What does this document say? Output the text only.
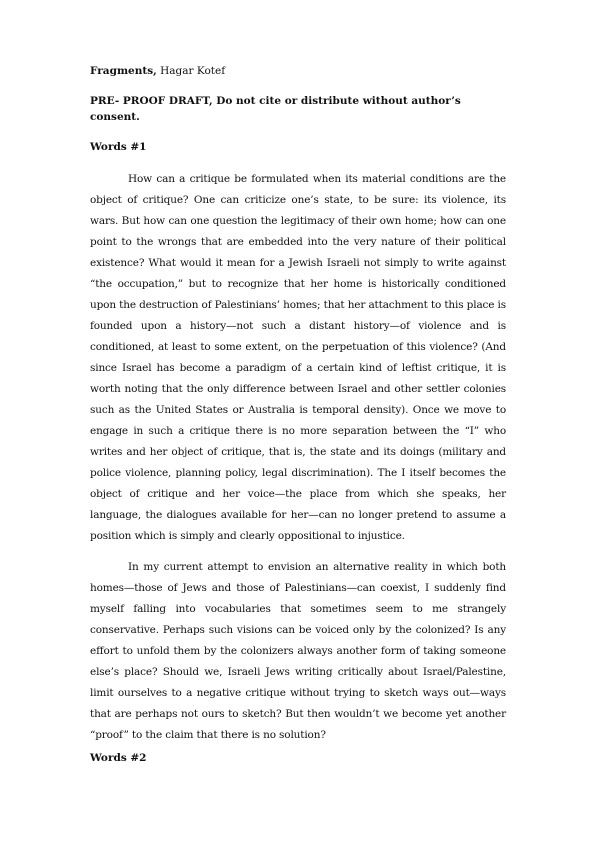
Fragments, Hagar Kotef

PRE- PROOF DRAFT, Do not cite or distribute without author’s consent.

Words #1

How can a critique be formulated when its material conditions are the object of critique? One can criticize one’s state, to be sure: its violence, its wars. But how can one question the legitimacy of their own home; how can one point to the wrongs that are embedded into the very nature of their political existence? What would it mean for a Jewish Israeli not simply to write against “the occupation,” but to recognize that her home is historically conditioned upon the destruction of Palestinians’ homes; that her attachment to this place is founded upon a history—not such a distant history—of violence and is conditioned, at least to some extent, on the perpetuation of this violence? (And since Israel has become a paradigm of a certain kind of leftist critique, it is worth noting that the only difference between Israel and other settler colonies such as the United States or Australia is temporal density). Once we move to engage in such a critique there is no more separation between the “I” who writes and her object of critique, that is, the state and its doings (military and police violence, planning policy, legal discrimination). The I itself becomes the object of critique and her voice—the place from which she speaks, her language, the dialogues available for her—can no longer pretend to assume a position which is simply and clearly oppositional to injustice.

In my current attempt to envision an alternative reality in which both homes—those of Jews and those of Palestinians—can coexist, I suddenly find myself falling into vocabularies that sometimes seem to me strangely conservative. Perhaps such visions can be voiced only by the colonized? Is any effort to unfold them by the colonizers always another form of taking someone else’s place? Should we, Israeli Jews writing critically about Israel/Palestine, limit ourselves to a negative critique without trying to sketch ways out—ways that are perhaps not ours to sketch? But then wouldn’t we become yet another “proof” to the claim that there is no solution?

Words #2
